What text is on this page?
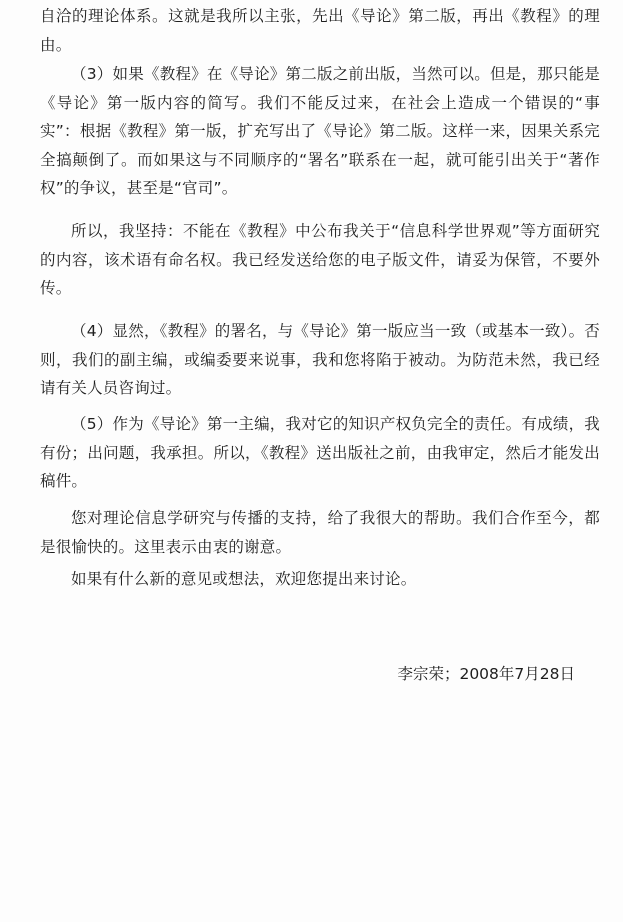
自洽的理论体系。这就是我所以主张，先出《导论》第二版，再出《教程》的理由。

（3）如果《教程》在《导论》第二版之前出版，当然可以。但是，那只能是《导论》第一版内容的简写。我们不能反过来，在社会上造成一个错误的“事实”：根据《教程》第一版，扩充写出了《导论》第二版。这样一来，因果关系完全搞颠倒了。而如果这与不同顺序的“署名”联系在一起，就可能引出关于“著作权”的争议，甚至是“官司”。

所以，我坚持：不能在《教程》中公布我关于“信息科学世界观”等方面研究的内容，该术语有命名权。我已经发送给您的电子版文件，请妥为保管，不要外传。

（4）显然，《教程》的署名，与《导论》第一版应当一致（或基本一致）。否则，我们的副主编，或编委要来说事，我和您将陷于被动。为防范未然，我已经请有关人员咨询过。

（5）作为《导论》第一主编，我对它的知识产权负完全的责任。有成绩，我有份；出问题，我承担。所以，《教程》送出版社之前，由我审定，然后才能发出稿件。

您对理论信息学研究与传播的支持，给了我很大的帮助。我们合作至今，都是很愉快的。这里表示由衷的谢意。

如果有什么新的意见或想法，欢迎您提出来讨论。

李宗荣；2008年7月28日
